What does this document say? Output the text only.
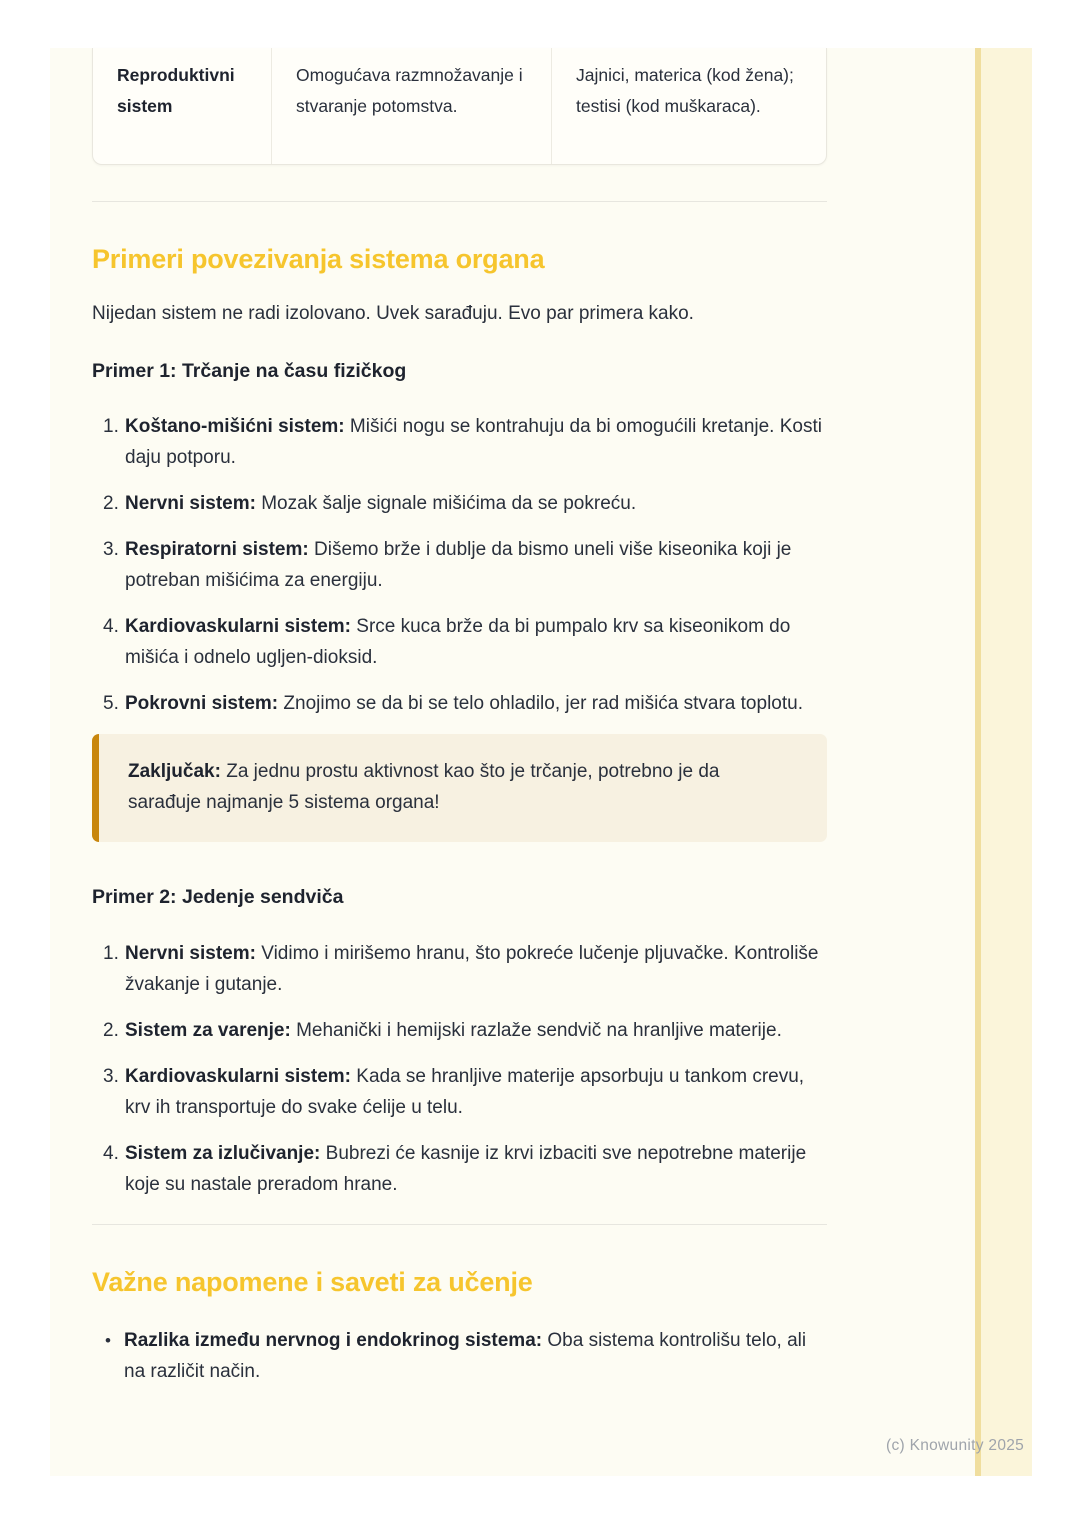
Reproduktivni sistem
Omogućava razmnožavanje i stvaranje potomstva.
Jajnici, materica (kod žena); testisi (kod muškaraca).
Primeri povezivanja sistema organa

Nijedan sistem ne radi izolovano. Uvek sarađuju. Evo par primera kako.

Primer 1: Trčanje na času fizičkog
1. Koštano-mišićni sistem: Mišići nogu se kontrahuju da bi omogućili kretanje. Kosti daju potporu.
2. Nervni sistem: Mozak šalje signale mišićima da se pokreću.
3. Respiratorni sistem: Dišemo brže i dublje da bismo uneli više kiseonika koji je potreban mišićima za energiju.
4. Kardiovaskularni sistem: Srce kuca brže da bi pumpalo krv sa kiseonikom do mišića i odnelo ugljen-dioksid.
5. Pokrovni sistem: Znojimo se da bi se telo ohladilo, jer rad mišića stvara toplotu.
Zaključak: Za jednu prostu aktivnost kao što je trčanje, potrebno je da sarađuje najmanje 5 sistema organa!
Primer 2: Jedenje sendviča
1. Nervni sistem: Vidimo i mirišemo hranu, što pokreće lučenje pljuvačke. Kontroliše žvakanje i gutanje.
2. Sistem za varenje: Mehanički i hemijski razlaže sendvič na hranljive materije.
3. Kardiovaskularni sistem: Kada se hranljive materije apsorbuju u tankom crevu, krv ih transportuje do svake ćelije u telu.
4. Sistem za izlučivanje: Bubrezi će kasnije iz krvi izbaciti sve nepotrebne materije koje su nastale preradom hrane.
Važne napomene i saveti za učenje
• Razlika između nervnog i endokrinog sistema: Oba sistema kontrolišu telo, ali na različit način.
(c) Knowunity 2025
